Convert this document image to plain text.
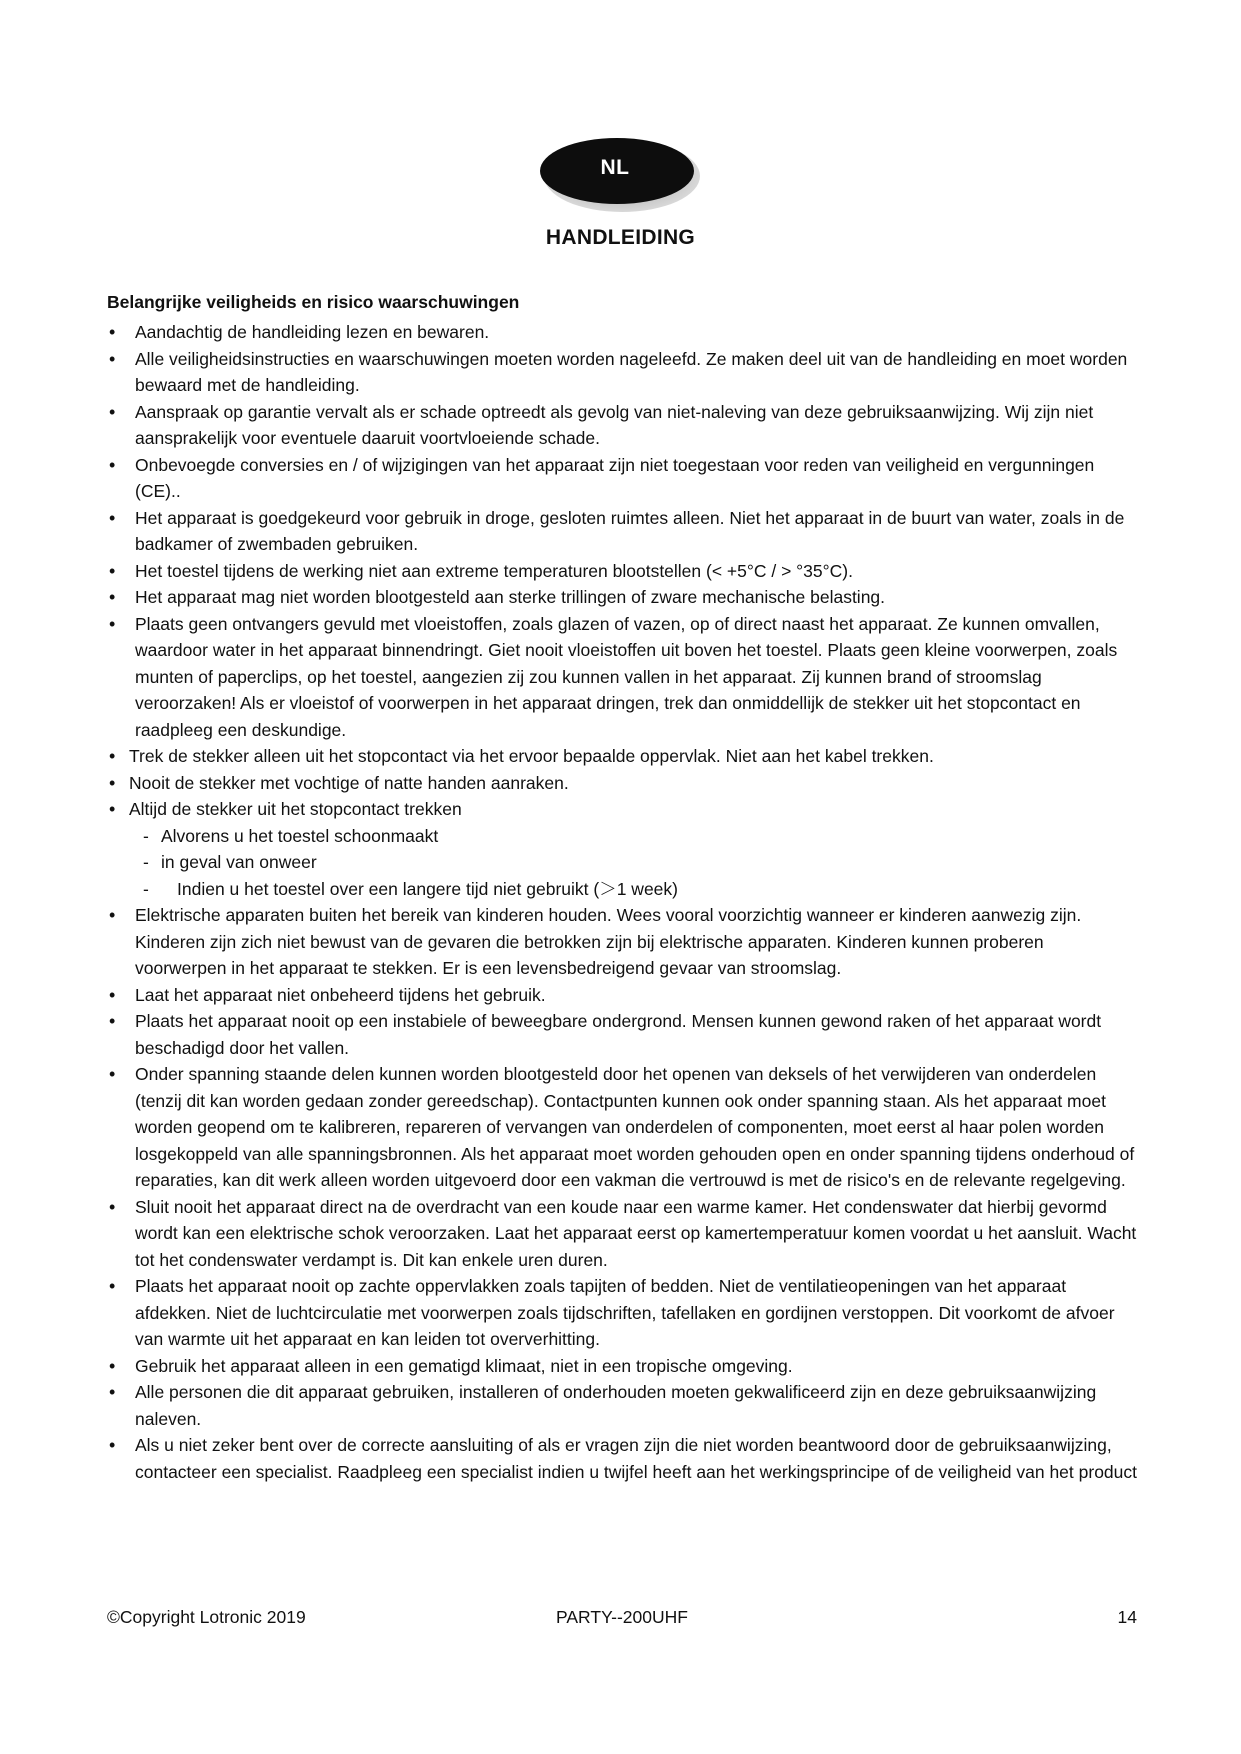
NL
HANDLEIDING
Belangrijke veiligheids en risico waarschuwingen
• Aandachtig de handleiding lezen en bewaren.
• Alle veiligheidsinstructies en waarschuwingen moeten worden nageleefd. Ze maken deel uit van de handleiding en moet worden bewaard met de handleiding.
• Aanspraak op garantie vervalt als er schade optreedt als gevolg van niet-naleving van deze gebruiksaanwijzing. Wij zijn niet aansprakelijk voor eventuele daaruit voortvloeiende schade.
• Onbevoegde conversies en / of wijzigingen van het apparaat zijn niet toegestaan voor reden van veiligheid en vergunningen (CE)..
• Het apparaat is goedgekeurd voor gebruik in droge, gesloten ruimtes alleen. Niet het apparaat in de buurt van water, zoals in de badkamer of zwembaden gebruiken.
• Het toestel tijdens de werking niet aan extreme temperaturen blootstellen (< +5°C / > °35°C).
• Het apparaat mag niet worden blootgesteld aan sterke trillingen of zware mechanische belasting.
• Plaats geen ontvangers gevuld met vloeistoffen, zoals glazen of vazen, op of direct naast het apparaat. Ze kunnen omvallen, waardoor water in het apparaat binnendringt. Giet nooit vloeistoffen uit boven het toestel. Plaats geen kleine voorwerpen, zoals munten of paperclips, op het toestel, aangezien zij zou kunnen vallen in het apparaat. Zij kunnen brand of stroomslag veroorzaken! Als er vloeistof of voorwerpen in het apparaat dringen, trek dan onmiddellijk de stekker uit het stopcontact en raadpleeg een deskundige.
• Trek de stekker alleen uit het stopcontact via het ervoor bepaalde oppervlak. Niet aan het kabel trekken.
• Nooit de stekker met vochtige of natte handen aanraken.
• Altijd de stekker uit het stopcontact trekken
- Alvorens u het toestel schoonmaakt
- in geval van onweer
- Indien u het toestel over een langere tijd niet gebruikt (＞1 week)
• Elektrische apparaten buiten het bereik van kinderen houden. Wees vooral voorzichtig wanneer er kinderen aanwezig zijn. Kinderen zijn zich niet bewust van de gevaren die betrokken zijn bij elektrische apparaten. Kinderen kunnen proberen voorwerpen in het apparaat te stekken. Er is een levensbedreigend gevaar van stroomslag.
• Laat het apparaat niet onbeheerd tijdens het gebruik.
• Plaats het apparaat nooit op een instabiele of beweegbare ondergrond. Mensen kunnen gewond raken of het apparaat wordt beschadigd door het vallen.
• Onder spanning staande delen kunnen worden blootgesteld door het openen van deksels of het verwijderen van onderdelen (tenzij dit kan worden gedaan zonder gereedschap). Contactpunten kunnen ook onder spanning staan. Als het apparaat moet worden geopend om te kalibreren, repareren of vervangen van onderdelen of componenten, moet eerst al haar polen worden losgekoppeld van alle spanningsbronnen. Als het apparaat moet worden gehouden open en onder spanning tijdens onderhoud of reparaties, kan dit werk alleen worden uitgevoerd door een vakman die vertrouwd is met de risico's en de relevante regelgeving.
• Sluit nooit het apparaat direct na de overdracht van een koude naar een warme kamer. Het condenswater dat hierbij gevormd wordt kan een elektrische schok veroorzaken. Laat het apparaat eerst op kamertemperatuur komen voordat u het aansluit. Wacht tot het condenswater verdampt is. Dit kan enkele uren duren.
• Plaats het apparaat nooit op zachte oppervlakken zoals tapijten of bedden. Niet de ventilatieopeningen van het apparaat afdekken. Niet de luchtcirculatie met voorwerpen zoals tijdschriften, tafellaken en gordijnen verstoppen. Dit voorkomt de afvoer van warmte uit het apparaat en kan leiden tot oververhitting.
• Gebruik het apparaat alleen in een gematigd klimaat, niet in een tropische omgeving.
• Alle personen die dit apparaat gebruiken, installeren of onderhouden moeten gekwalificeerd zijn en deze gebruiksaanwijzing naleven.
• Als u niet zeker bent over de correcte aansluiting of als er vragen zijn die niet worden beantwoord door de gebruiksaanwijzing, contacteer een specialist. Raadpleeg een specialist indien u twijfel heeft aan het werkingsprincipe of de veiligheid van het product
©Copyright Lotronic 2019	PARTY--200UHF	14
